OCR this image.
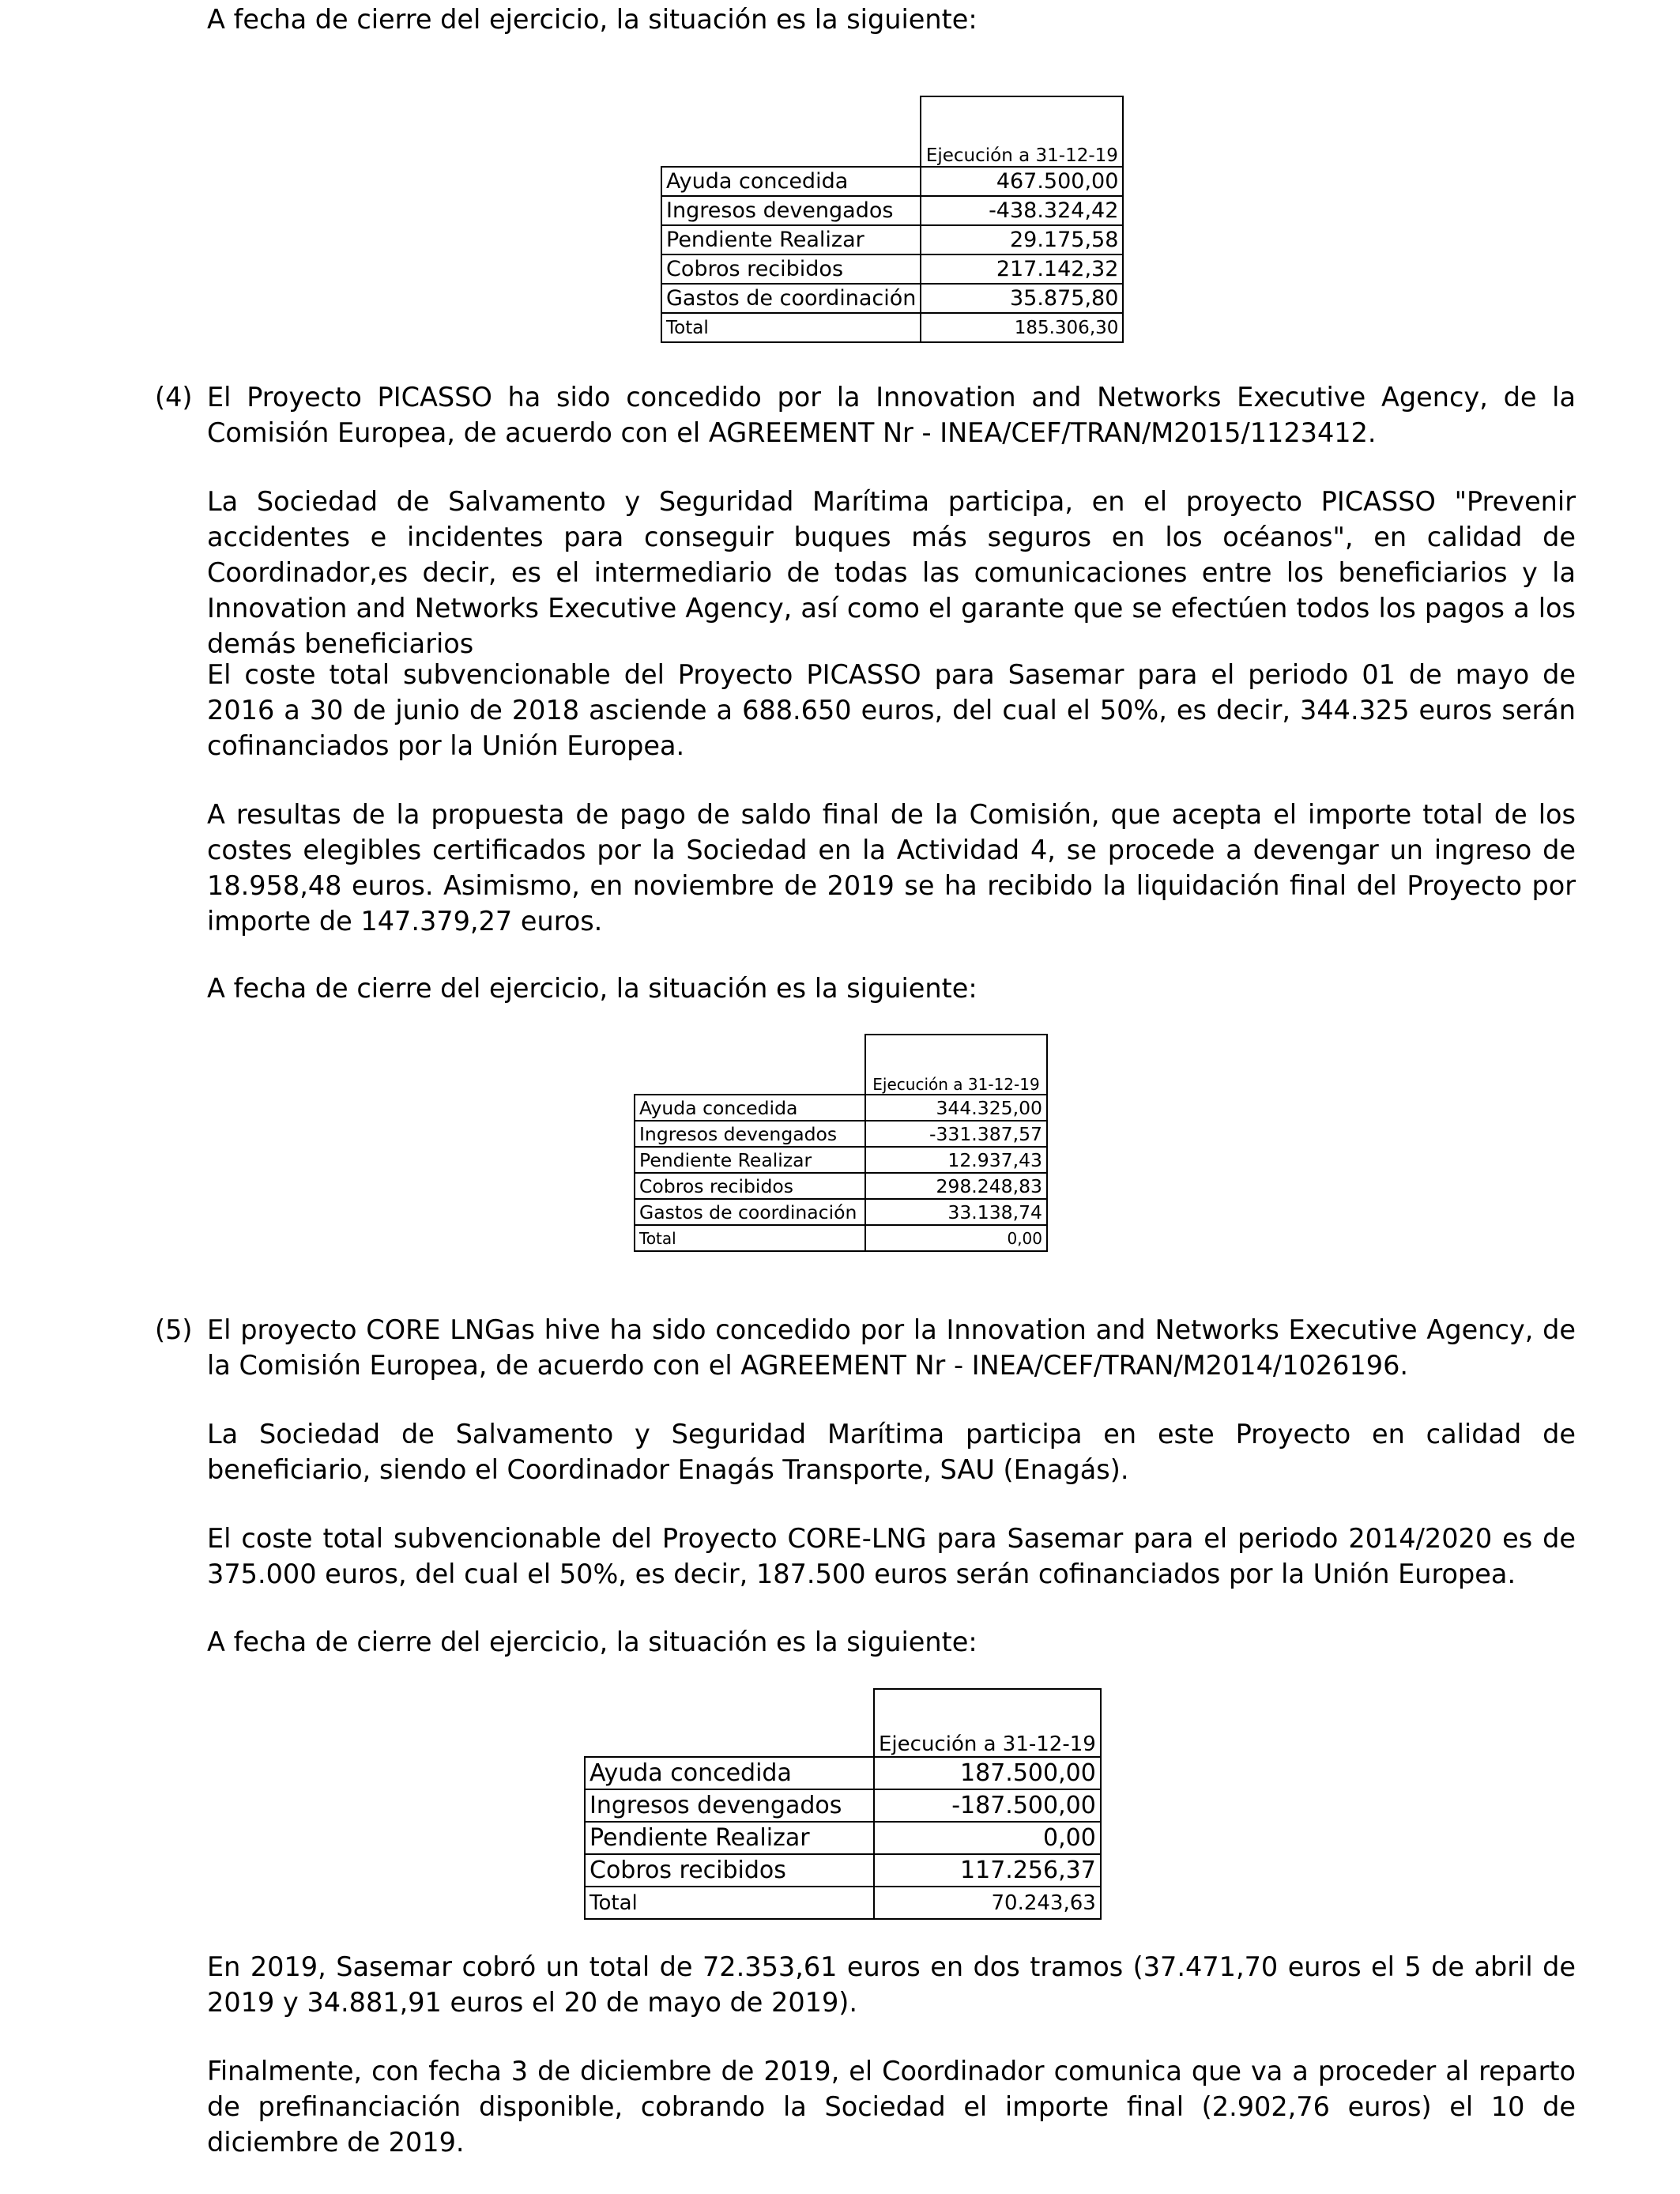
A fecha de cierre del ejercicio, la situación es la siguiente:

	Ejecución a 31-12-19
Ayuda concedida	467.500,00
Ingresos devengados	-438.324,42
Pendiente Realizar	29.175,58
Cobros recibidos	217.142,32
Gastos de coordinación	35.875,80
Total	185.306,30
(4) El Proyecto PICASSO ha sido concedido por la Innovation and Networks Executive Agency, de la Comisión Europea, de acuerdo con el AGREEMENT Nr - INEA/CEF/TRAN/M2015/1123412.

La Sociedad de Salvamento y Seguridad Marítima participa, en el proyecto PICASSO "Prevenir accidentes e incidentes para conseguir buques más seguros en los océanos", en calidad de Coordinador,es decir, es el intermediario de todas las comunicaciones entre los beneficiarios y la Innovation and Networks Executive Agency, así como el garante que se efectúen todos los pagos a los demás beneficiarios

El coste total subvencionable del Proyecto PICASSO para Sasemar para el periodo 01 de mayo de 2016 a 30 de junio de 2018 asciende a 688.650 euros, del cual el 50%, es decir, 344.325 euros serán cofinanciados por la Unión Europea.

A resultas de la propuesta de pago de saldo final de la Comisión, que acepta el importe total de los costes elegibles certificados por la Sociedad en la Actividad 4, se procede a devengar un ingreso de 18.958,48 euros. Asimismo, en noviembre de 2019 se ha recibido la liquidación final del Proyecto por importe de 147.379,27 euros.

A fecha de cierre del ejercicio, la situación es la siguiente:

	Ejecución a 31-12-19
Ayuda concedida	344.325,00
Ingresos devengados	-331.387,57
Pendiente Realizar	12.937,43
Cobros recibidos	298.248,83
Gastos de coordinación	33.138,74
Total	0,00
(5) El proyecto CORE LNGas hive ha sido concedido por la Innovation and Networks Executive Agency, de la Comisión Europea, de acuerdo con el AGREEMENT Nr - INEA/CEF/TRAN/M2014/1026196.

La Sociedad de Salvamento y Seguridad Marítima participa en este Proyecto en calidad de beneficiario, siendo el Coordinador Enagás Transporte, SAU (Enagás).

El coste total subvencionable del Proyecto CORE-LNG para Sasemar para el periodo 2014/2020 es de 375.000 euros, del cual el 50%, es decir, 187.500 euros serán cofinanciados por la Unión Europea.

A fecha de cierre del ejercicio, la situación es la siguiente:

	Ejecución a 31-12-19
Ayuda concedida	187.500,00
Ingresos devengados	-187.500,00
Pendiente Realizar	0,00
Cobros recibidos	117.256,37
Total	70.243,63

En 2019, Sasemar cobró un total de 72.353,61 euros en dos tramos (37.471,70 euros el 5 de abril de 2019 y 34.881,91 euros el 20 de mayo de 2019).

Finalmente, con fecha 3 de diciembre de 2019, el Coordinador comunica que va a proceder al reparto de prefinanciación disponible, cobrando la Sociedad el importe final (2.902,76 euros) el 10 de diciembre de 2019.
